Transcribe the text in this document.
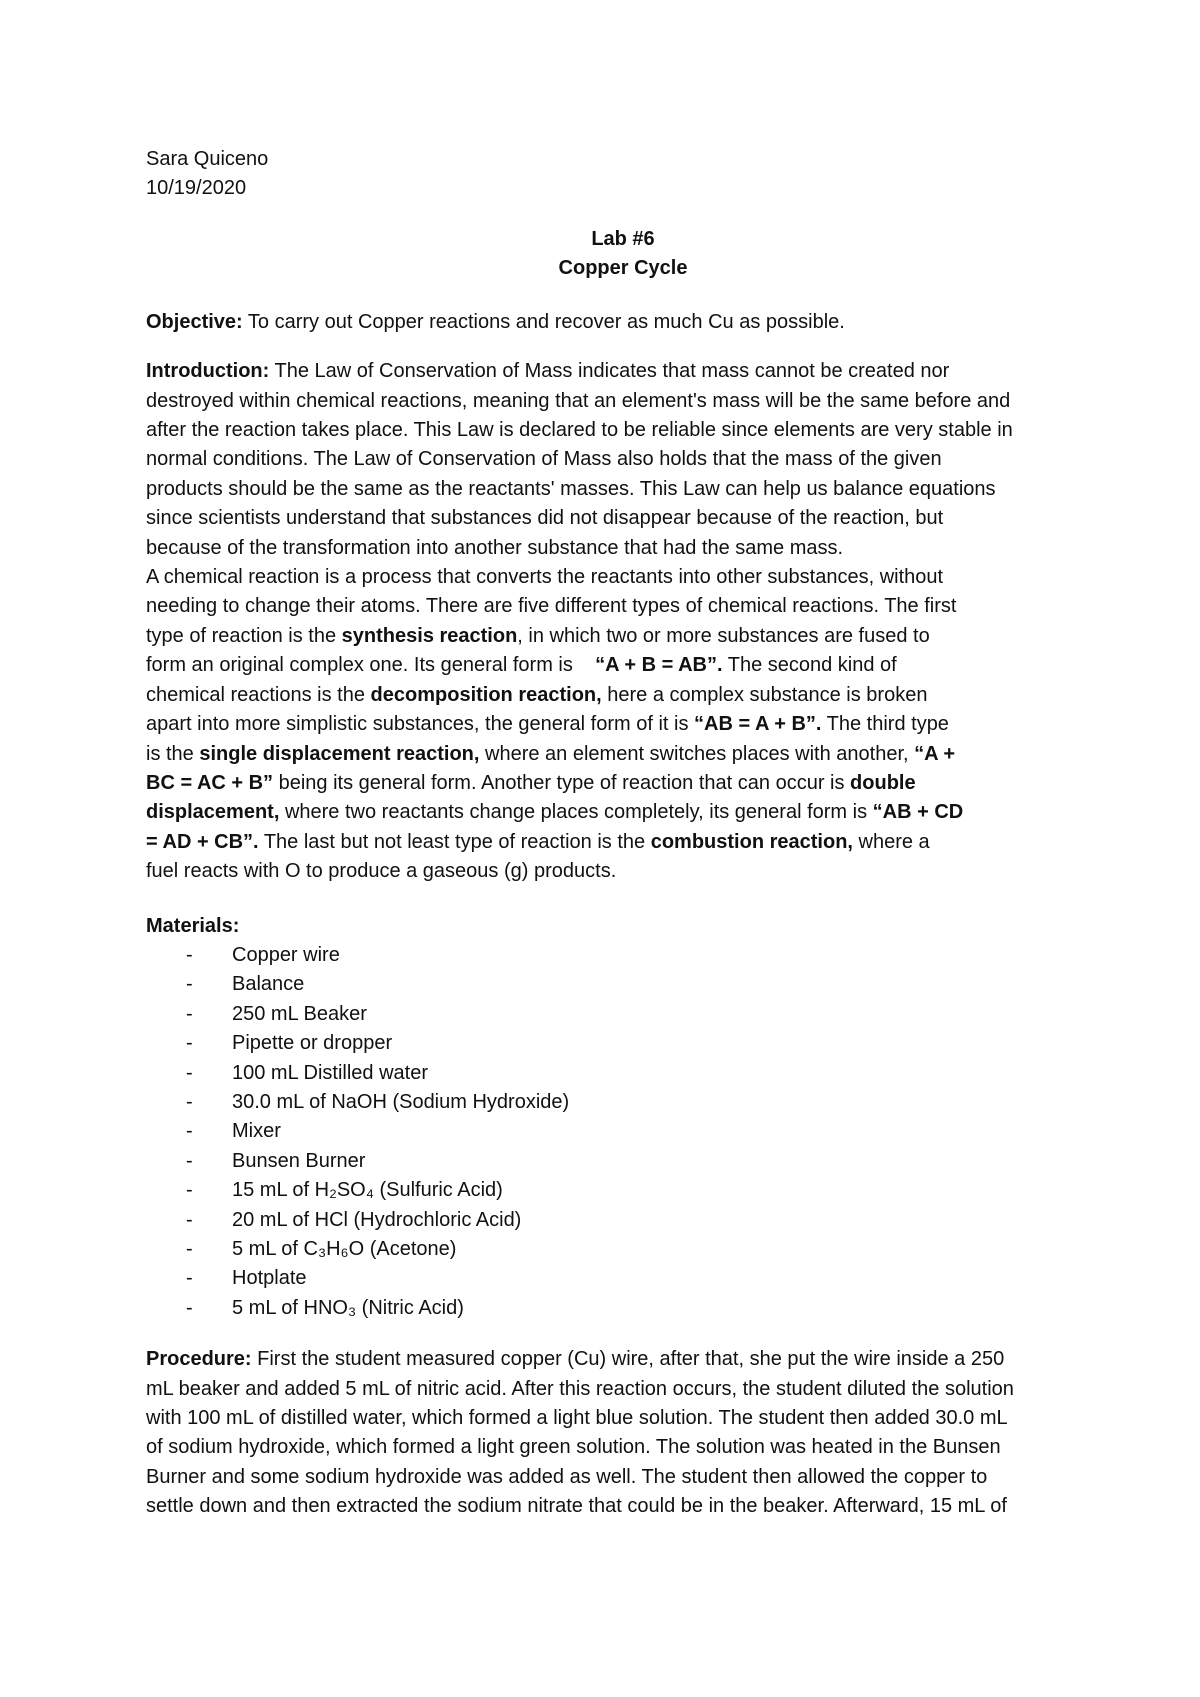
Sara Quiceno
10/19/2020
Lab #6
Copper Cycle
Objective: To carry out Copper reactions and recover as much Cu as possible.
Introduction: The Law of Conservation of Mass indicates that mass cannot be created nor
destroyed within chemical reactions, meaning that an element's mass will be the same before and
after the reaction takes place. This Law is declared to be reliable since elements are very stable in
normal conditions. The Law of Conservation of Mass also holds that the mass of the given
products should be the same as the reactants' masses. This Law can help us balance equations
since scientists understand that substances did not disappear because of the reaction, but
because of the transformation into another substance that had the same mass.
A chemical reaction is a process that converts the reactants into other substances, without
needing to change their atoms. There are five different types of chemical reactions. The first
type of reaction is the synthesis reaction, in which two or more substances are fused to
form an original complex one. Its general form is    “A + B = AB”. The second kind of
chemical reactions is the decomposition reaction, here a complex substance is broken
apart into more simplistic substances, the general form of it is “AB = A + B”. The third type
is the single displacement reaction, where an element switches places with another, “A +
BC = AC + B” being its general form. Another type of reaction that can occur is double
displacement, where two reactants change places completely, its general form is “AB + CD
= AD + CB”. The last but not least type of reaction is the combustion reaction, where a
fuel reacts with O to produce a gaseous (g) products.
Materials:
-	Copper wire
-	Balance
-	250 mL Beaker
-	Pipette or dropper
-	100 mL Distilled water
-	30.0 mL of NaOH (Sodium Hydroxide)
-	Mixer
-	Bunsen Burner
-	15 mL of H₂SO₄ (Sulfuric Acid)
-	20 mL of HCl (Hydrochloric Acid)
-	5 mL of C₃H₆O (Acetone)
-	Hotplate
-	5 mL of HNO₃ (Nitric Acid)
Procedure: First the student measured copper (Cu) wire, after that, she put the wire inside a 250
mL beaker and added 5 mL of nitric acid. After this reaction occurs, the student diluted the solution
with 100 mL of distilled water, which formed a light blue solution. The student then added 30.0 mL
of sodium hydroxide, which formed a light green solution. The solution was heated in the Bunsen
Burner and some sodium hydroxide was added as well. The student then allowed the copper to
settle down and then extracted the sodium nitrate that could be in the beaker. Afterward, 15 mL of
